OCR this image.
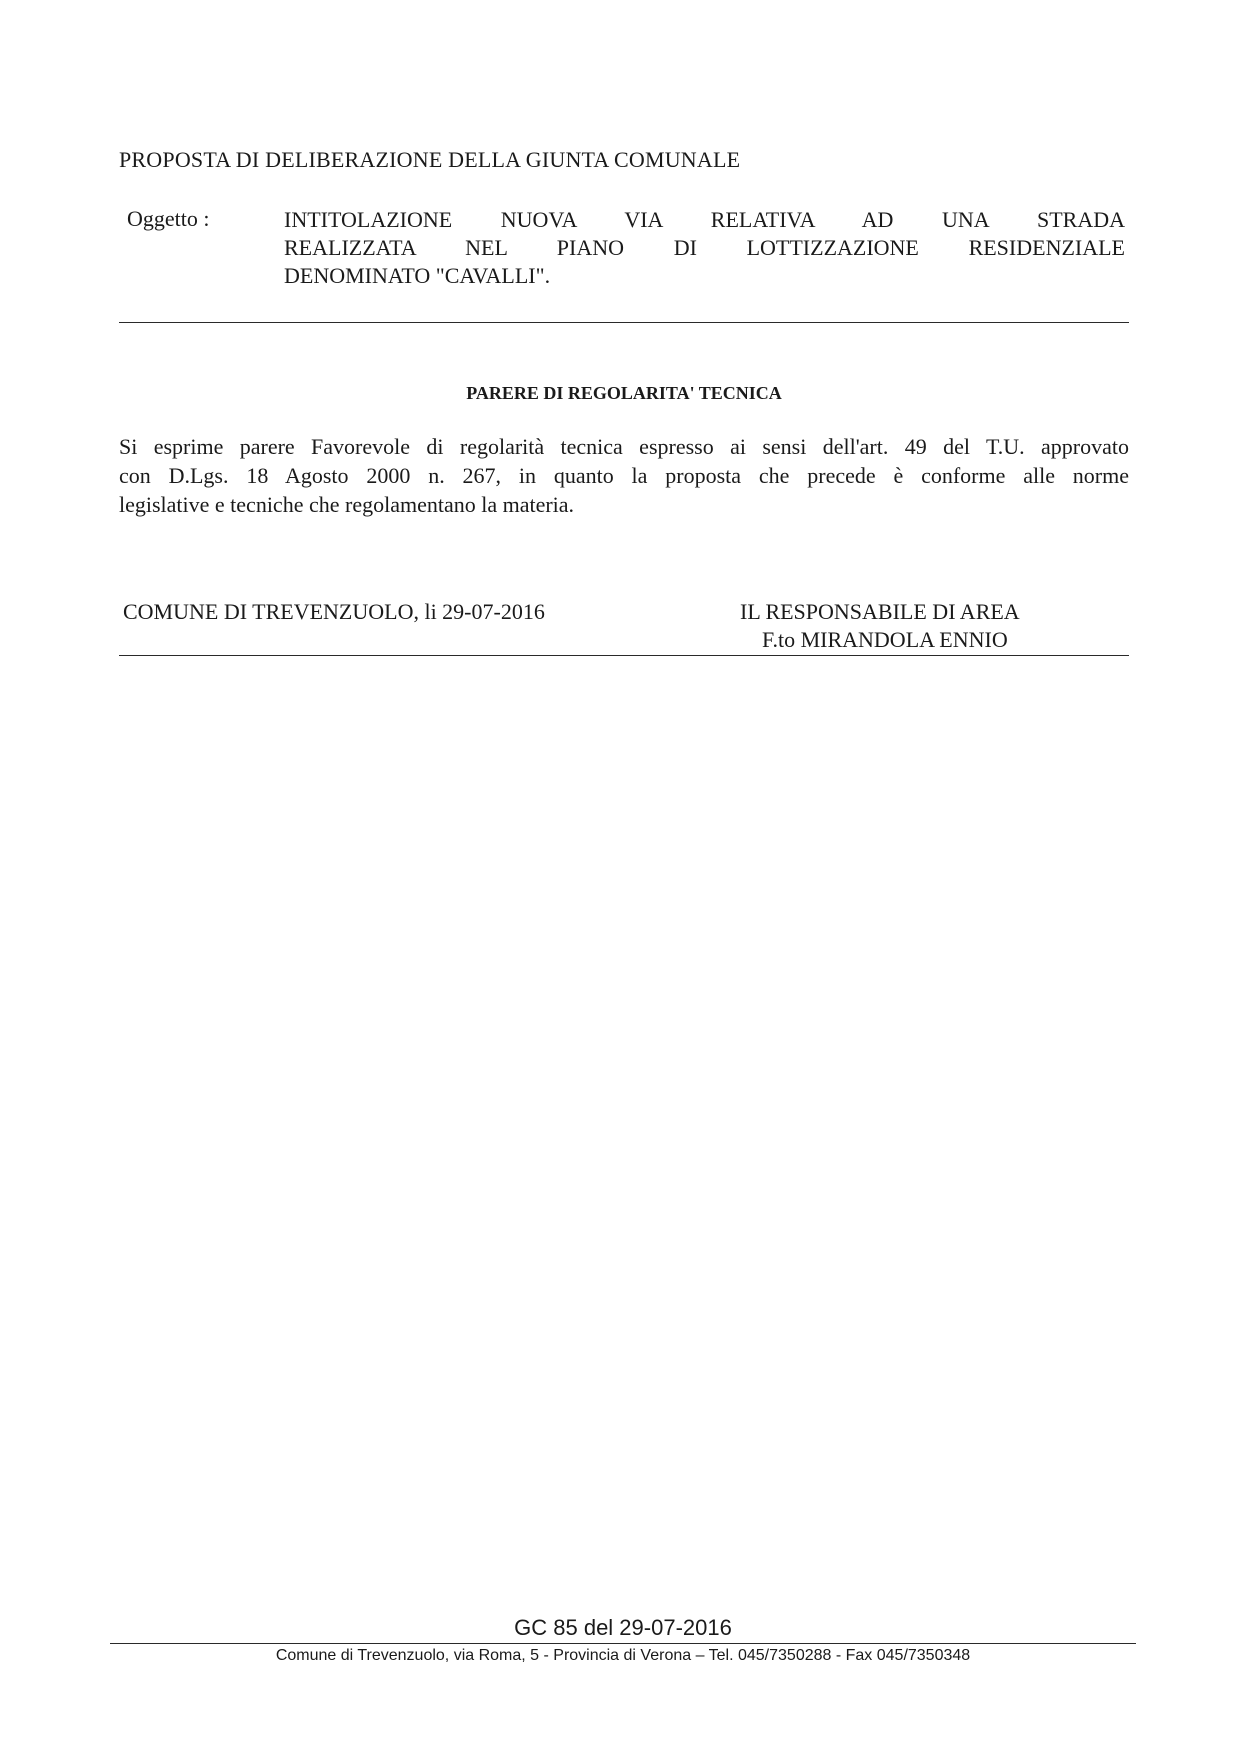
PROPOSTA DI DELIBERAZIONE DELLA GIUNTA COMUNALE
Oggetto :	INTITOLAZIONE NUOVA VIA RELATIVA AD UNA STRADA
REALIZZATA NEL PIANO DI LOTTIZZAZIONE RESIDENZIALE
DENOMINATO "CAVALLI".
PARERE DI REGOLARITA' TECNICA
Si esprime parere Favorevole di regolarità tecnica espresso ai sensi dell'art. 49 del T.U. approvato
con D.Lgs. 18 Agosto 2000 n. 267, in quanto la proposta che precede è conforme alle norme
legislative e tecniche che regolamentano la materia.
COMUNE DI TREVENZUOLO, li 29-07-2016	IL RESPONSABILE DI AREA
F.to MIRANDOLA ENNIO
GC 85 del 29-07-2016
Comune di Trevenzuolo, via Roma, 5 - Provincia di Verona – Tel. 045/7350288 - Fax 045/7350348
